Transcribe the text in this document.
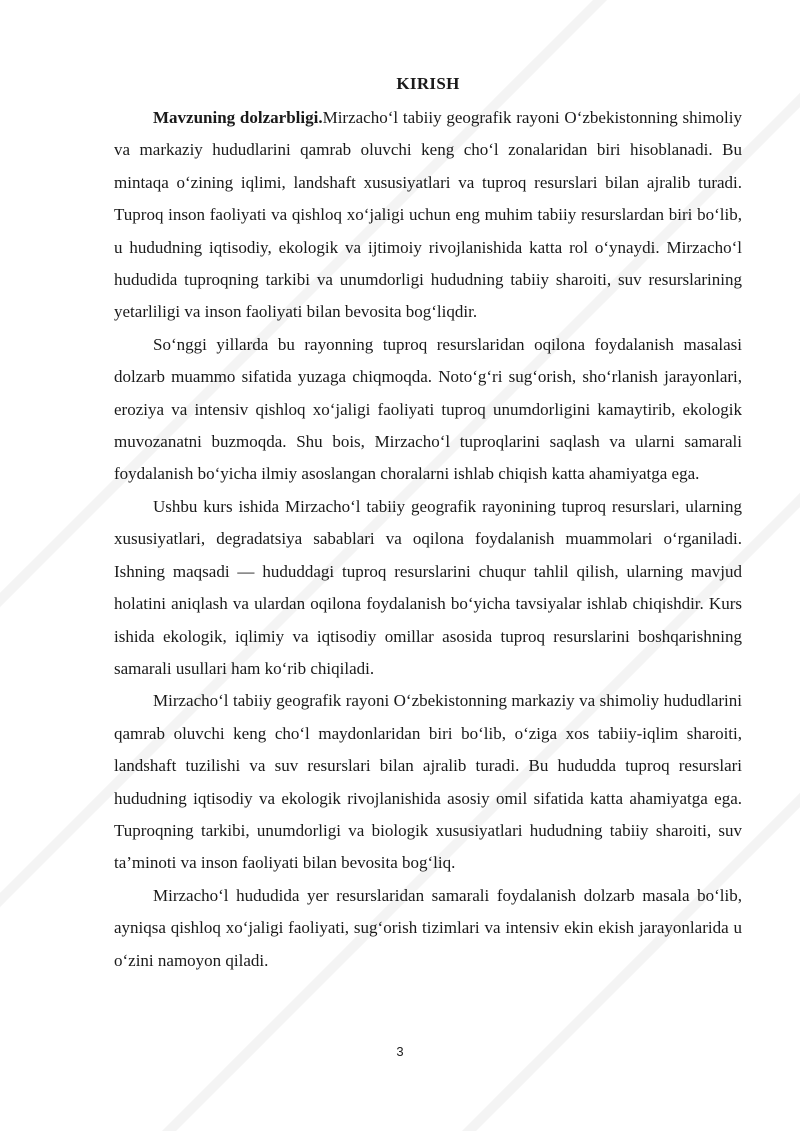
KIRISH

Mavzuning dolzarbligi.Mirzacho‘l tabiiy geografik rayoni O‘zbekistonning shimoliy va markaziy hududlarini qamrab oluvchi keng cho‘l zonalaridan biri hisoblanadi. Bu mintaqa o‘zining iqlimi, landshaft xususiyatlari va tuproq resurslari bilan ajralib turadi. Tuproq inson faoliyati va qishloq xo‘jaligi uchun eng muhim tabiiy resurslardan biri bo‘lib, u hududning iqtisodiy, ekologik va ijtimoiy rivojlanishida katta rol o‘ynaydi. Mirzacho‘l hududida tuproqning tarkibi va unumdorligi hududning tabiiy sharoiti, suv resurslarining yetarliligi va inson faoliyati bilan bevosita bog‘liqdir.

So‘nggi yillarda bu rayonning tuproq resurslaridan oqilona foydalanish masalasi dolzarb muammo sifatida yuzaga chiqmoqda. Noto‘g‘ri sug‘orish, sho‘rlanish jarayonlari, eroziya va intensiv qishloq xo‘jaligi faoliyati tuproq unumdorligini kamaytirib, ekologik muvozanatni buzmoqda. Shu bois, Mirzacho‘l tuproqlarini saqlash va ularni samarali foydalanish bo‘yicha ilmiy asoslangan choralarni ishlab chiqish katta ahamiyatga ega.

Ushbu kurs ishida Mirzacho‘l tabiiy geografik rayonining tuproq resurslari, ularning xususiyatlari, degradatsiya sabablari va oqilona foydalanish muammolari o‘rganiladi. Ishning maqsadi — hududdagi tuproq resurslarini chuqur tahlil qilish, ularning mavjud holatini aniqlash va ulardan oqilona foydalanish bo‘yicha tavsiyalar ishlab chiqishdir. Kurs ishida ekologik, iqlimiy va iqtisodiy omillar asosida tuproq resurslarini boshqarishning samarali usullari ham ko‘rib chiqiladi.

Mirzacho‘l tabiiy geografik rayoni O‘zbekistonning markaziy va shimoliy hududlarini qamrab oluvchi keng cho‘l maydonlaridan biri bo‘lib, o‘ziga xos tabiiy-iqlim sharoiti, landshaft tuzilishi va suv resurslari bilan ajralib turadi. Bu hududda tuproq resurslari hududning iqtisodiy va ekologik rivojlanishida asosiy omil sifatida katta ahamiyatga ega. Tuproqning tarkibi, unumdorligi va biologik xususiyatlari hududning tabiiy sharoiti, suv ta’minoti va inson faoliyati bilan bevosita bog‘liq.

Mirzacho‘l hududida yer resurslaridan samarali foydalanish dolzarb masala bo‘lib, ayniqsa qishloq xo‘jaligi faoliyati, sug‘orish tizimlari va intensiv ekin ekish jarayonlarida u o‘zini namoyon qiladi.

3
